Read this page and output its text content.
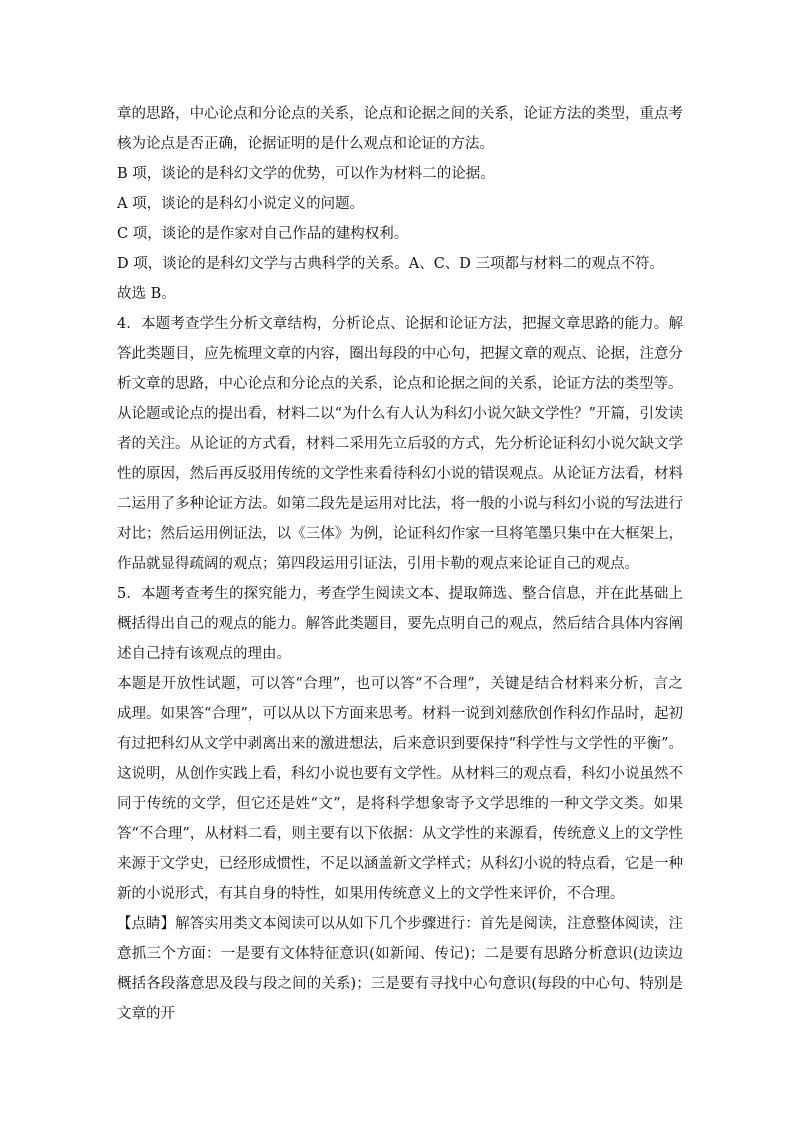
章的思路，中心论点和分论点的关系，论点和论据之间的关系，论证方法的类型，重点考核为论点是否正确，论据证明的是什么观点和论证的方法。

B 项，谈论的是科幻文学的优势，可以作为材料二的论据。

A 项，谈论的是科幻小说定义的问题。

C 项，谈论的是作家对自己作品的建构权利。

D 项，谈论的是科幻文学与古典科学的关系。A、C、D 三项都与材料二的观点不符。

故选 B。

4．本题考查学生分析文章结构，分析论点、论据和论证方法，把握文章思路的能力。解答此类题目，应先梳理文章的内容，圈出每段的中心句，把握文章的观点、论据，注意分析文章的思路，中心论点和分论点的关系，论点和论据之间的关系，论证方法的类型等。

从论题或论点的提出看，材料二以“为什么有人认为科幻小说欠缺文学性？”开篇，引发读者的关注。从论证的方式看，材料二采用先立后驳的方式，先分析论证科幻小说欠缺文学性的原因，然后再反驳用传统的文学性来看待科幻小说的错误观点。从论证方法看，材料二运用了多种论证方法。如第二段先是运用对比法，将一般的小说与科幻小说的写法进行对比；然后运用例证法，以《三体》为例，论证科幻作家一旦将笔墨只集中在大框架上，作品就显得疏阔的观点；第四段运用引证法，引用卡勒的观点来论证自己的观点。

5．本题考查考生的探究能力，考查学生阅读文本、提取筛选、整合信息，并在此基础上概括得出自己的观点的能力。解答此类题目，要先点明自己的观点，然后结合具体内容阐述自己持有该观点的理由。

本题是开放性试题，可以答“合理”，也可以答“不合理”，关键是结合材料来分析，言之成理。如果答“合理”，可以从以下方面来思考。材料一说到刘慈欣创作科幻作品时，起初有过把科幻从文学中剥离出来的激进想法，后来意识到要保持“科学性与文学性的平衡”。这说明，从创作实践上看，科幻小说也要有文学性。从材料三的观点看，科幻小说虽然不同于传统的文学，但它还是姓“文”，是将科学想象寄予文学思维的一种文学文类。如果答“不合理”，从材料二看，则主要有以下依据：从文学性的来源看，传统意义上的文学性来源于文学史，已经形成惯性，不足以涵盖新文学样式；从科幻小说的特点看，它是一种新的小说形式，有其自身的特性，如果用传统意义上的文学性来评价，不合理。

【点睛】解答实用类文本阅读可以从如下几个步骤进行：首先是阅读，注意整体阅读，注意抓三个方面：一是要有文体特征意识(如新闻、传记)；二是要有思路分析意识(边读边概括各段落意思及段与段之间的关系)；三是要有寻找中心句意识(每段的中心句、特别是文章的开
